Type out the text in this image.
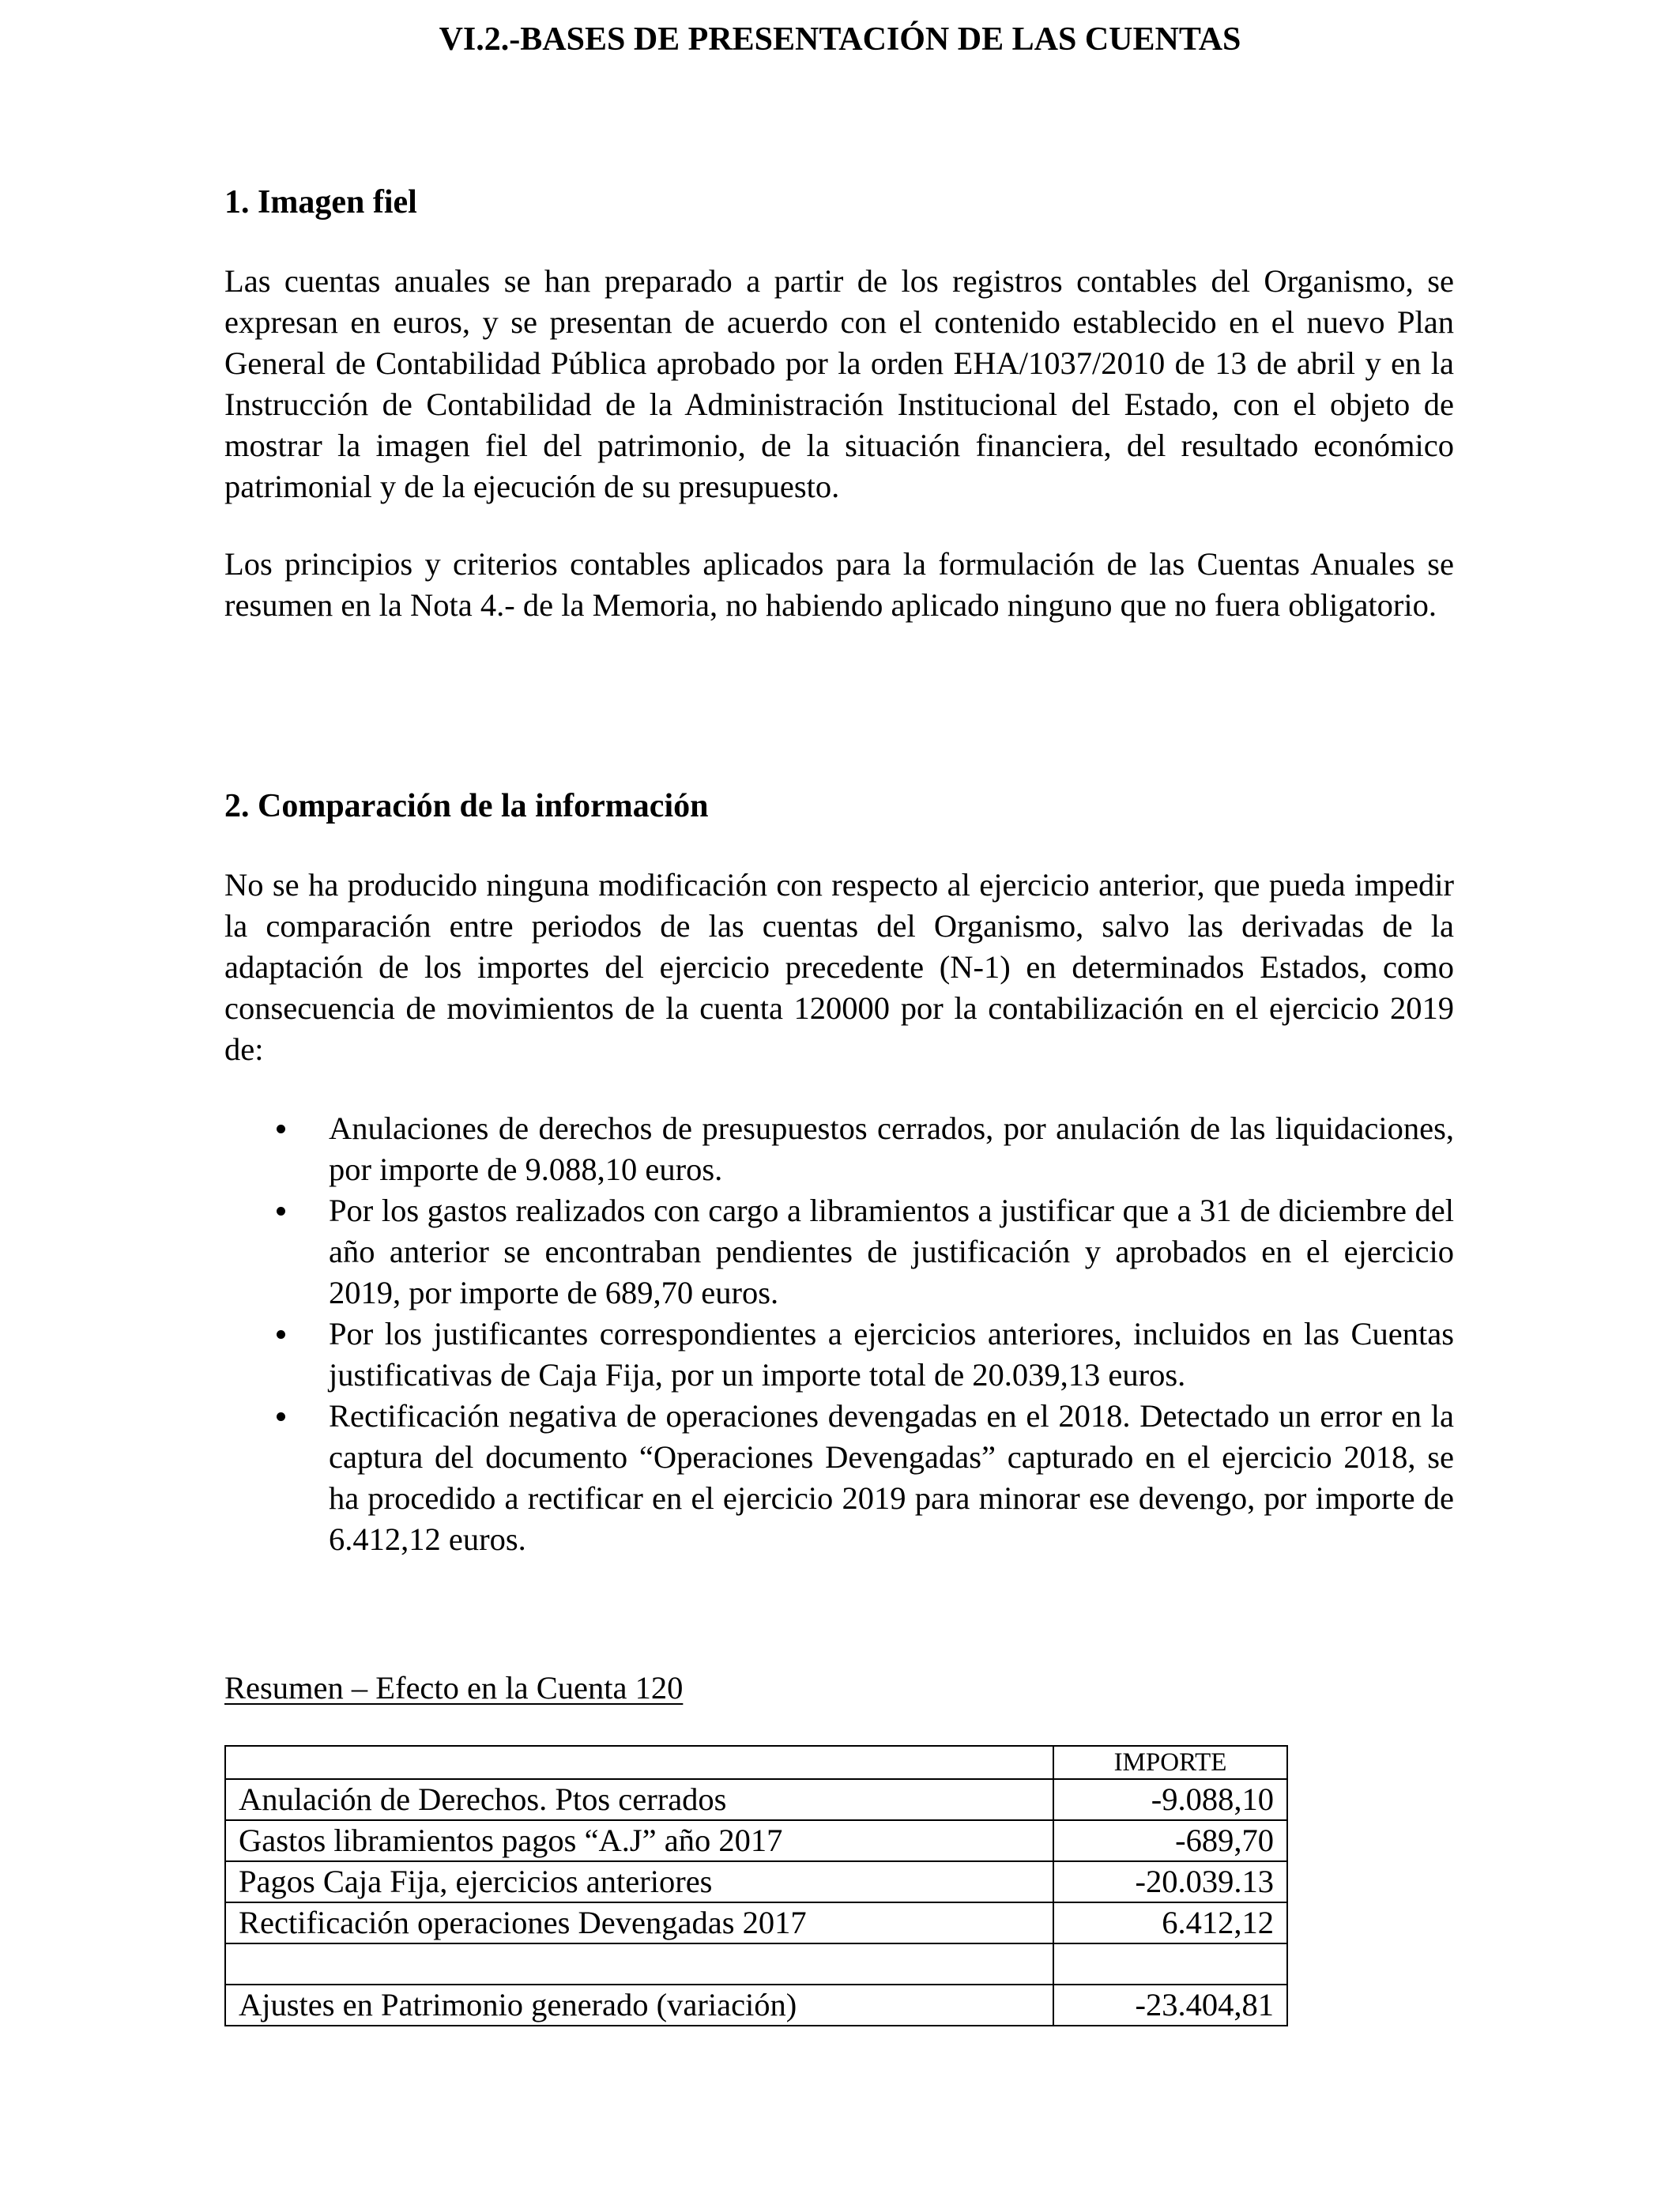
VI.2.-BASES DE PRESENTACIÓN DE LAS CUENTAS
1. Imagen fiel
Las cuentas anuales se han preparado a partir de los registros contables del Organismo, se expresan en euros, y se presentan de acuerdo con el contenido establecido en el nuevo Plan General de Contabilidad Pública aprobado por la orden EHA/1037/2010 de 13 de abril y en la Instrucción de Contabilidad de la Administración Institucional del Estado, con el objeto de mostrar la imagen fiel del patrimonio, de la situación financiera, del resultado económico patrimonial y de la ejecución de su presupuesto.
Los principios y criterios contables aplicados para la formulación de las Cuentas Anuales se resumen en la Nota 4.- de la Memoria, no habiendo aplicado ninguno que no fuera obligatorio.
2. Comparación de la información
No se ha producido ninguna modificación con respecto al ejercicio anterior, que pueda impedir la comparación entre periodos de las cuentas del Organismo, salvo las derivadas de la adaptación de los importes del ejercicio precedente (N-1) en determinados Estados, como consecuencia de movimientos de la cuenta 120000 por la contabilización en el ejercicio 2019 de:
Anulaciones de derechos de presupuestos cerrados, por anulación de las liquidaciones, por importe de 9.088,10 euros.
Por los gastos realizados con cargo a libramientos a justificar que a 31 de diciembre del año anterior se encontraban pendientes de justificación y aprobados en el ejercicio 2019, por importe de 689,70 euros.
Por los justificantes correspondientes a ejercicios anteriores, incluidos en las Cuentas justificativas de Caja Fija, por un importe total de 20.039,13 euros.
Rectificación negativa de operaciones devengadas en el 2018. Detectado un error en la captura del documento “Operaciones Devengadas” capturado en el ejercicio 2018, se ha procedido a rectificar en el ejercicio 2019 para minorar ese devengo, por importe de 6.412,12 euros.
Resumen – Efecto en la Cuenta 120
	IMPORTE
Anulación de Derechos. Ptos cerrados	-9.088,10
Gastos libramientos pagos “A.J” año 2017	-689,70
Pagos Caja Fija, ejercicios anteriores	-20.039.13
Rectificación operaciones Devengadas 2017	6.412,12

Ajustes en Patrimonio generado (variación)	-23.404,81
